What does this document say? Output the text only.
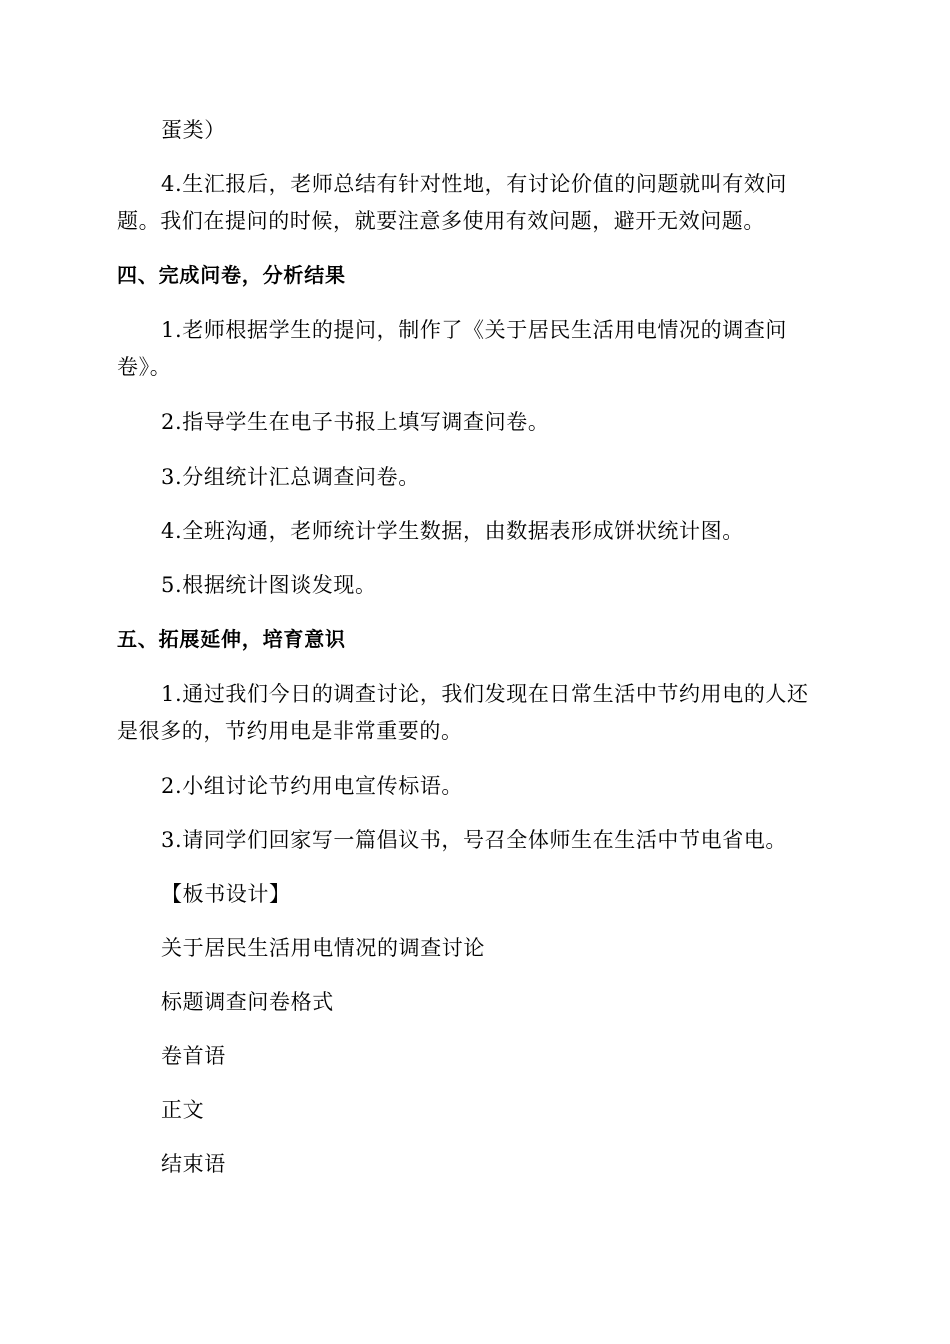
蛋类）
4.生汇报后，老师总结有针对性地，有讨论价值的问题就叫有效问
题。我们在提问的时候，就要注意多使用有效问题，避开无效问题。
四、完成问卷，分析结果
1.老师根据学生的提问，制作了《关于居民生活用电情况的调查问
卷》。
2.指导学生在电子书报上填写调查问卷。
3.分组统计汇总调查问卷。
4.全班沟通，老师统计学生数据，由数据表形成饼状统计图。
5.根据统计图谈发现。
五、拓展延伸，培育意识
1.通过我们今日的调查讨论，我们发现在日常生活中节约用电的人还
是很多的，节约用电是非常重要的。
2.小组讨论节约用电宣传标语。
3.请同学们回家写一篇倡议书，号召全体师生在生活中节电省电。
【板书设计】
关于居民生活用电情况的调查讨论
标题调查问卷格式
卷首语
正文
结束语
